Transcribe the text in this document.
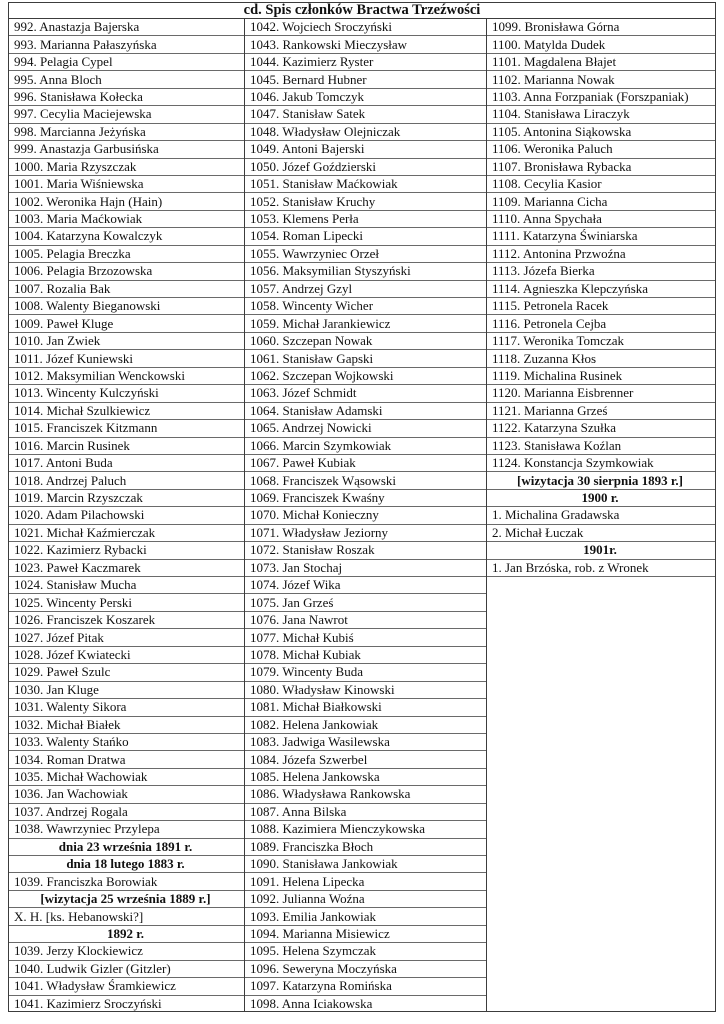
cd. Spis członków Bractwa Trzeźwości
992. Anastazja Bajerska
993. Marianna Pałaszyńska
994. Pelagia Cypel
995. Anna Bloch
996. Stanisława Kołecka
997. Cecylia Maciejewska
998. Marcianna Jeżyńska
999. Anastazja Garbusińska
1000. Maria Rzyszczak
1001. Maria Wiśniewska
1002. Weronika Hajn (Hain)
1003. Maria Maćkowiak
1004. Katarzyna Kowalczyk
1005. Pelagia Breczka
1006. Pelagia Brzozowska
1007. Rozalia Bak
1008. Walenty Bieganowski
1009. Paweł Kluge
1010. Jan Zwiek
1011. Józef Kuniewski
1012. Maksymilian Wenckowski
1013. Wincenty Kulczyński
1014. Michał Szulkiewicz
1015. Franciszek Kitzmann
1016. Marcin Rusinek
1017. Antoni Buda
1018. Andrzej Paluch
1019. Marcin Rzyszczak
1020. Adam Pilachowski
1021. Michał Kaźmierczak
1022. Kazimierz Rybacki
1023. Paweł Kaczmarek
1024. Stanisław Mucha
1025. Wincenty Perski
1026. Franciszek Koszarek
1027. Józef Pitak
1028. Józef Kwiatecki
1029. Paweł Szulc
1030. Jan Kluge
1031. Walenty Sikora
1032. Michał Białek
1033. Walenty Stańko
1034. Roman Dratwa
1035. Michał Wachowiak
1036. Jan Wachowiak
1037. Andrzej Rogala
1038. Wawrzyniec Przylepa
dnia 23 września 1891 r.
dnia 18 lutego 1883 r.
1039. Franciszka Borowiak
[wizytacja 25 września 1889 r.]
X. H. [ks. Hebanowski?]
1892 r.
1039. Jerzy Klockiewicz
1040. Ludwik Gizler (Gitzler)
1041. Władysław Śramkiewicz
1041. Kazimierz Sroczyński
1042. Wojciech Sroczyński
1043. Rankowski Mieczysław
1044. Kazimierz Ryster
1045. Bernard Hubner
1046. Jakub Tomczyk
1047. Stanisław Satek
1048. Władysław Olejniczak
1049. Antoni Bajerski
1050. Józef Goździerski
1051. Stanisław Maćkowiak
1052. Stanisław Kruchy
1053. Klemens Perła
1054. Roman Lipecki
1055. Wawrzyniec Orzeł
1056. Maksymilian Styszyński
1057. Andrzej Gzyl
1058. Wincenty Wicher
1059. Michał Jarankiewicz
1060. Szczepan Nowak
1061. Stanisław Gapski
1062. Szczepan Wojkowski
1063. Józef Schmidt
1064. Stanisław Adamski
1065. Andrzej Nowicki
1066. Marcin Szymkowiak
1067. Paweł Kubiak
1068. Franciszek Wąsowski
1069. Franciszek Kwaśny
1070. Michał Konieczny
1071. Władysław Jeziorny
1072. Stanisław Roszak
1073. Jan Stochaj
1074. Józef Wika
1075. Jan Grześ
1076. Jana Nawrot
1077. Michał Kubiś
1078. Michał Kubiak
1079. Wincenty Buda
1080. Władysław Kinowski
1081. Michał Białkowski
1082. Helena Jankowiak
1083. Jadwiga Wasilewska
1084. Józefa Szwerbel
1085. Helena Jankowska
1086. Władysława Rankowska
1087. Anna Bilska
1088. Kazimiera Mienczykowska
1089. Franciszka Błoch
1090. Stanisława Jankowiak
1091. Helena Lipecka
1092. Julianna Woźna
1093. Emilia Jankowiak
1094. Marianna Misiewicz
1095. Helena Szymczak
1096. Seweryna Moczyńska
1097. Katarzyna Romińska
1098. Anna Iciakowska
1099. Bronisława Górna
1100. Matylda Dudek
1101. Magdalena Błajet
1102. Marianna Nowak
1103. Anna Forzpaniak (Forszpaniak)
1104. Stanisława Liraczyk
1105. Antonina Siąkowska
1106. Weronika Paluch
1107. Bronisława Rybacka
1108. Cecylia Kasior
1109. Marianna Cicha
1110. Anna Spychała
1111. Katarzyna Świniarska
1112. Antonina Przwoźna
1113. Józefa Bierka
1114. Agnieszka Klepczyńska
1115. Petronela Racek
1116. Petronela Cejba
1117. Weronika Tomczak
1118. Zuzanna Kłos
1119. Michalina Rusinek
1120. Marianna Eisbrenner
1121. Marianna Grześ
1122. Katarzyna Szułka
1123. Stanisława Koźlan
1124. Konstancja Szymkowiak
[wizytacja 30 sierpnia 1893 r.]
1900 r.
1. Michalina Gradawska
2. Michał Łuczak
1901r.
1. Jan Brzóska, rob. z Wronek
